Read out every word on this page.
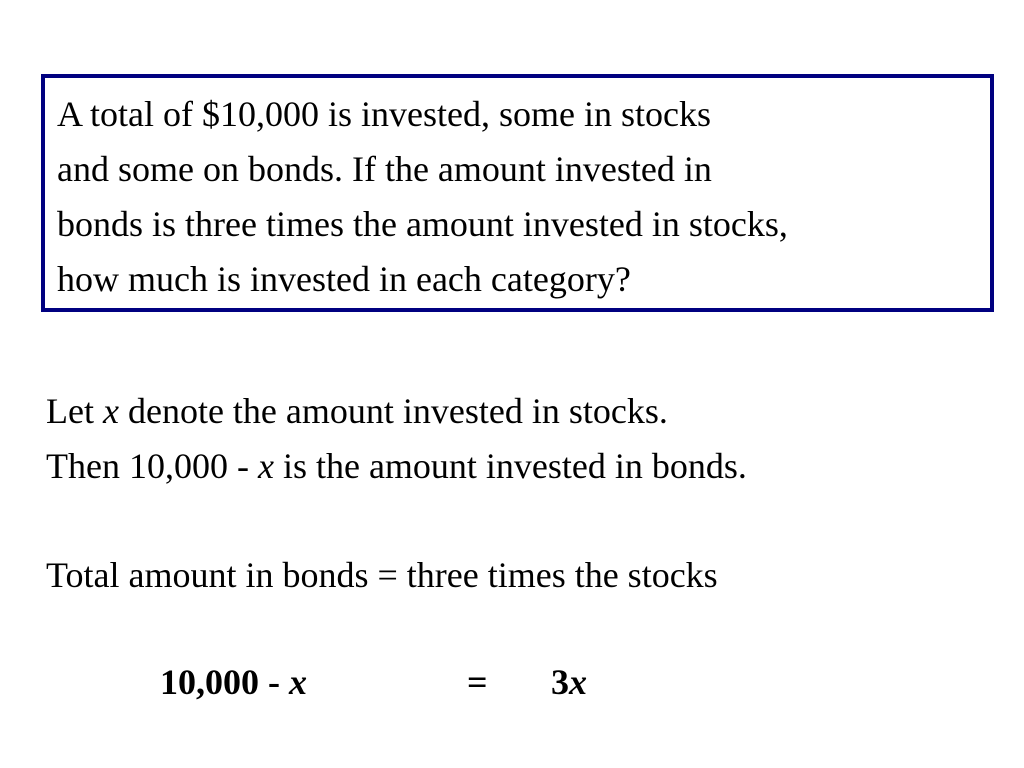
A total of $10,000 is invested, some in stocks
and some on bonds. If the amount invested in
bonds is three times the amount invested in stocks,
how much is invested in each category?

Let x denote the amount invested in stocks.

Then 10,000 - x is the amount invested in bonds.

Total amount in bonds = three times the stocks

10,000 - x	= 3x
